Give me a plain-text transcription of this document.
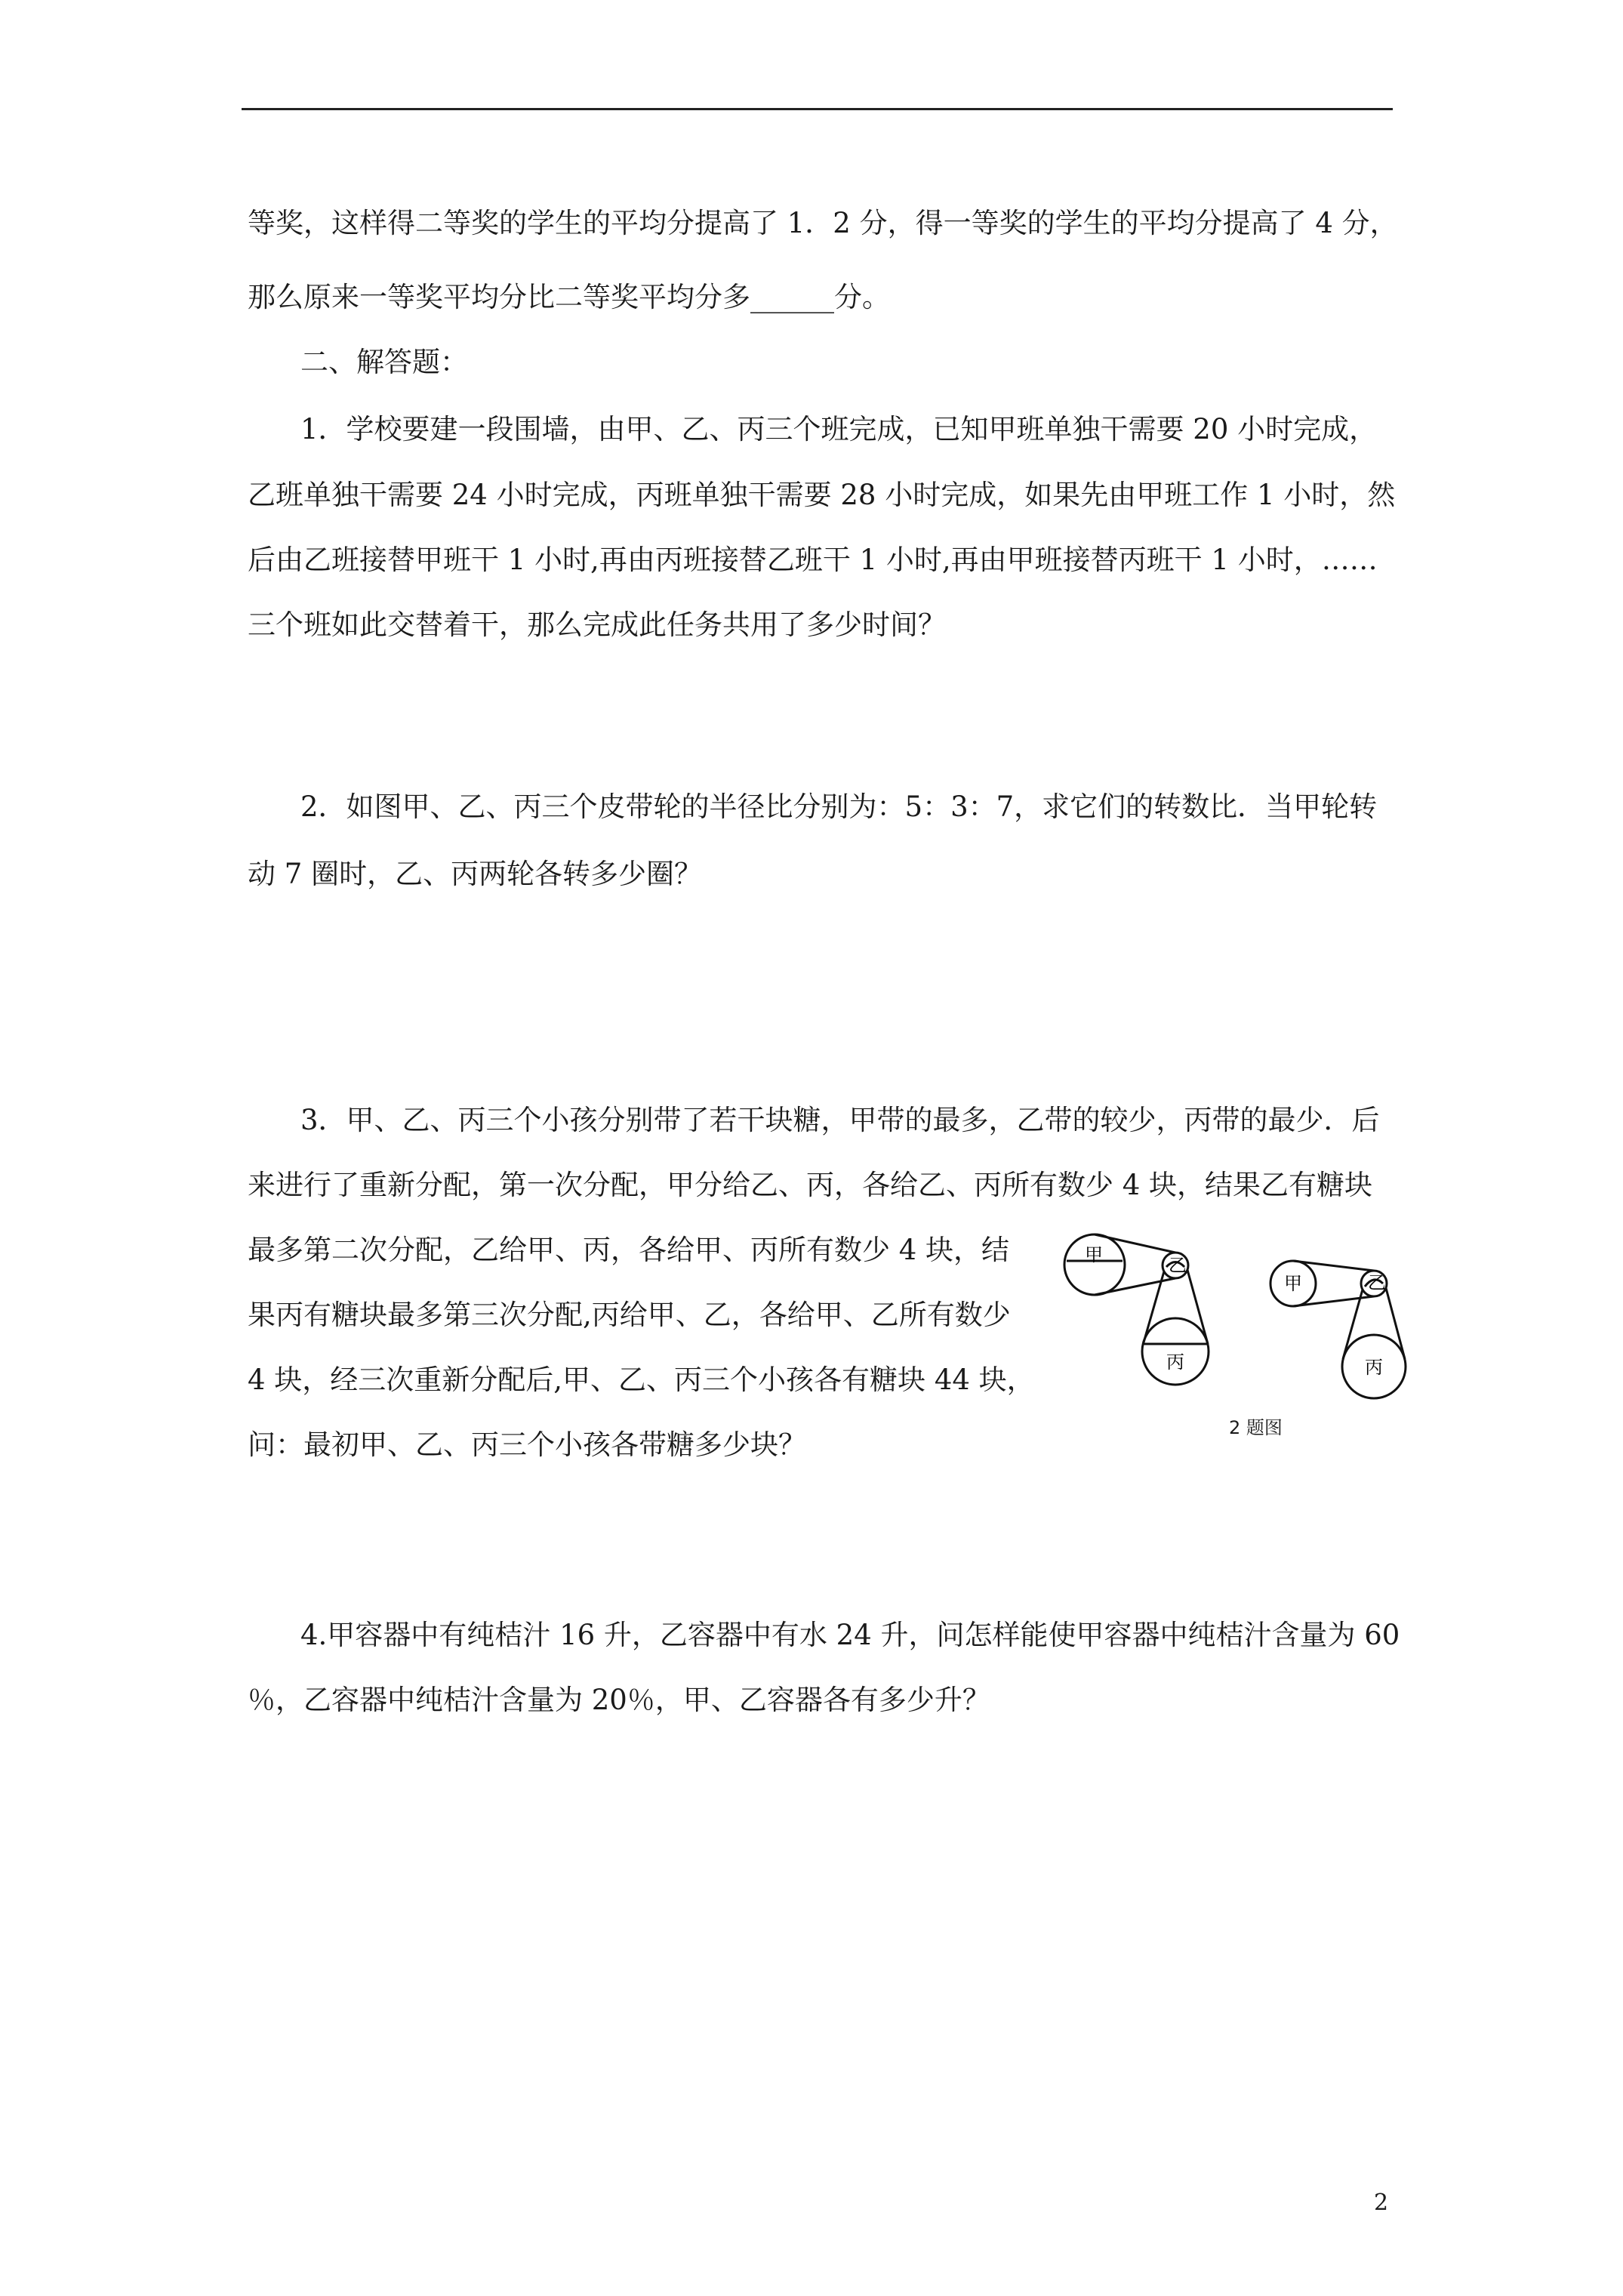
等奖，这样得二等奖的学生的平均分提高了 1．2 分，得一等奖的学生的平均分提高了 4 分，
那么原来一等奖平均分比二等奖平均分多______分。
二、解答题：
1．学校要建一段围墙，由甲、乙、丙三个班完成，已知甲班单独干需要 20 小时完成，
乙班单独干需要 24 小时完成，丙班单独干需要 28 小时完成，如果先由甲班工作 1 小时，然
后由乙班接替甲班干 1 小时,再由丙班接替乙班干 1 小时,再由甲班接替丙班干 1 小时，……
三个班如此交替着干，那么完成此任务共用了多少时间？
2．如图甲、乙、丙三个皮带轮的半径比分别为：5：3：7，求它们的转数比．当甲轮转
动 7 圈时，乙、丙两轮各转多少圈？
3．甲、乙、丙三个小孩分别带了若干块糖，甲带的最多，乙带的较少，丙带的最少．后
来进行了重新分配，第一次分配，甲分给乙、丙，各给乙、丙所有数少 4 块，结果乙有糖块
最多第二次分配，乙给甲、丙，各给甲、丙所有数少 4 块，结
果丙有糖块最多第三次分配,丙给甲、乙，各给甲、乙所有数少
4 块，经三次重新分配后,甲、乙、丙三个小孩各有糖块 44 块，
问：最初甲、乙、丙三个小孩各带糖多少块？
4.甲容器中有纯桔汁 16 升，乙容器中有水 24 升，问怎样能使甲容器中纯桔汁含量为 60
％，乙容器中纯桔汁含量为 20％，甲、乙容器各有多少升？
甲	乙
丙
甲	乙
丙
2 题图
2
